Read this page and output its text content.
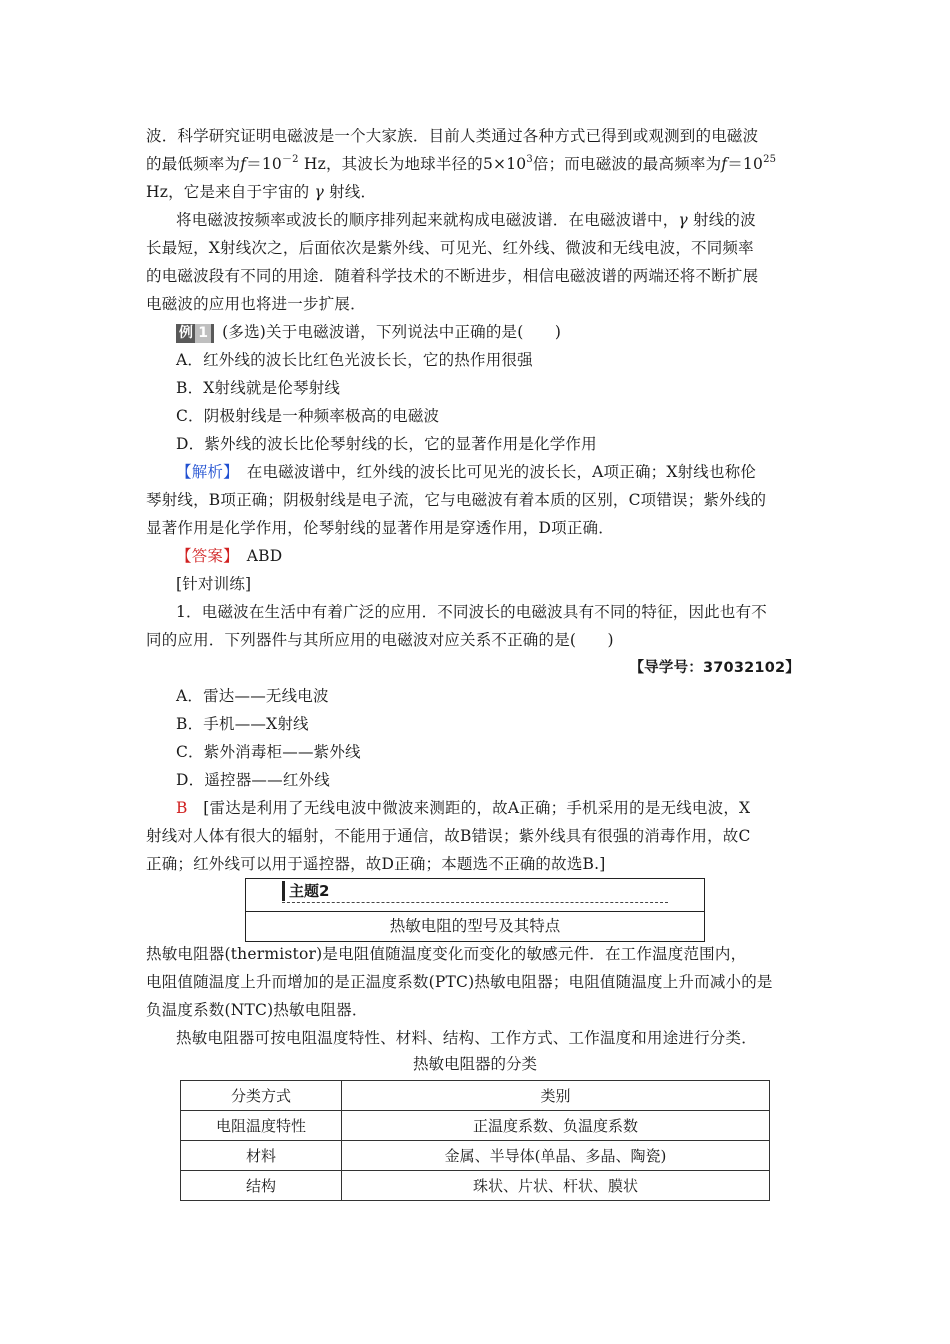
波．科学研究证明电磁波是一个大家族．目前人类通过各种方式已得到或观测到的电磁波
的最低频率为$f=10^{-2}$ Hz，其波长为地球半径的$5\times 10^3$倍；而电磁波的最高频率为$f=10^{25}$
Hz，它是来自于宇宙的 γ 射线．
将电磁波按频率或波长的顺序排列起来就构成电磁波谱．在电磁波谱中，γ 射线的波
长最短，X射线次之，后面依次是紫外线、可见光、红外线、微波和无线电波，不同频率
的电磁波段有不同的用途．随着科学技术的不断进步，相信电磁波谱的两端还将不断扩展
电磁波的应用也将进一步扩展．
例 1 (多选)关于电磁波谱，下列说法中正确的是(　　)
A．红外线的波长比红色光波长长，它的热作用很强
B．X射线就是伦琴射线
C．阴极射线是一种频率极高的电磁波
D．紫外线的波长比伦琴射线的长，它的显著作用是化学作用
【解析】　在电磁波谱中，红外线的波长比可见光的波长长，A项正确；X射线也称伦
琴射线，B项正确；阴极射线是电子流，它与电磁波有着本质的区别，C项错误；紫外线的
显著作用是化学作用，伦琴射线的显著作用是穿透作用，D项正确．
【答案】　ABD
[针对训练]
1．电磁波在生活中有着广泛的应用．不同波长的电磁波具有不同的特征，因此也有不
同的应用．下列器件与其所应用的电磁波对应关系不正确的是(　　)
【导学号：37032102】
A．雷达——无线电波
B．手机——X射线
C．紫外消毒柜——紫外线
D．遥控器——红外线
B　[雷达是利用了无线电波中微波来测距的，故A正确；手机采用的是无线电波，X
射线对人体有很大的辐射，不能用于通信，故B错误；紫外线具有很强的消毒作用，故C
正确；红外线可以用于遥控器，故D正确；本题选不正确的故选B.]
主题2
热敏电阻的型号及其特点
热敏电阻器(thermistor)是电阻值随温度变化而变化的敏感元件．在工作温度范围内，
电阻值随温度上升而增加的是正温度系数(PTC)热敏电阻器；电阻值随温度上升而减小的是
负温度系数(NTC)热敏电阻器．
热敏电阻器可按电阻温度特性、材料、结构、工作方式、工作温度和用途进行分类．
热敏电阻器的分类
分类方式	类别
电阻温度特性	正温度系数、负温度系数
材料	金属、半导体(单晶、多晶、陶瓷)
结构	珠状、片状、杆状、膜状
